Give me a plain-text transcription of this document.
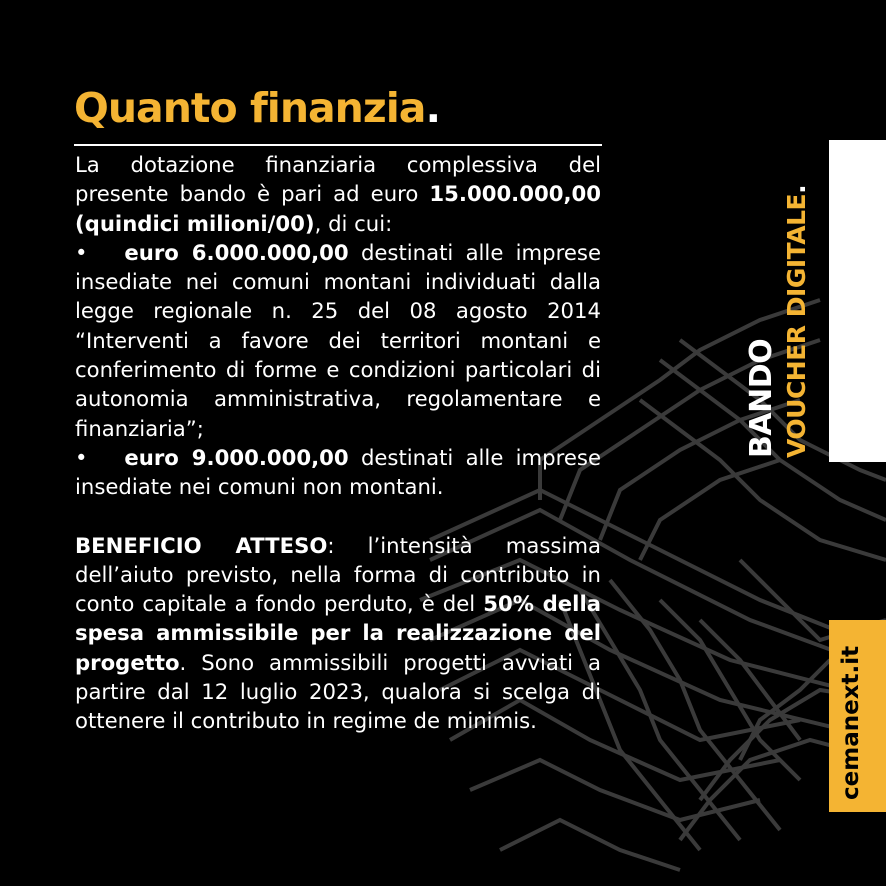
Quanto finanzia.

La dotazione finanziaria complessiva del presente bando è pari ad euro 15.000.000,00 (quindici milioni/00), di cui:

• euro 6.000.000,00 destinati alle imprese insediate nei comuni montani individuati dalla legge regionale n. 25 del 08 agosto 2014 “Interventi a favore dei territori montani e conferimento di forme e condizioni particolari di autonomia amministrativa, regolamentare e finanziaria”;

• euro 9.000.000,00 destinati alle imprese insediate nei comuni non montani.

BENEFICIO ATTESO: l’intensità massima dell’aiuto previsto, nella forma di contributo in conto capitale a fondo perduto, è del 50% della spesa ammissibile per la realizzazione del progetto. Sono ammissibili progetti avviati a partire dal 12 luglio 2023, qualora si scelga di ottenere il contributo in regime de minimis.

BANDO VOUCHER DIGITALE.
cemanext.it
